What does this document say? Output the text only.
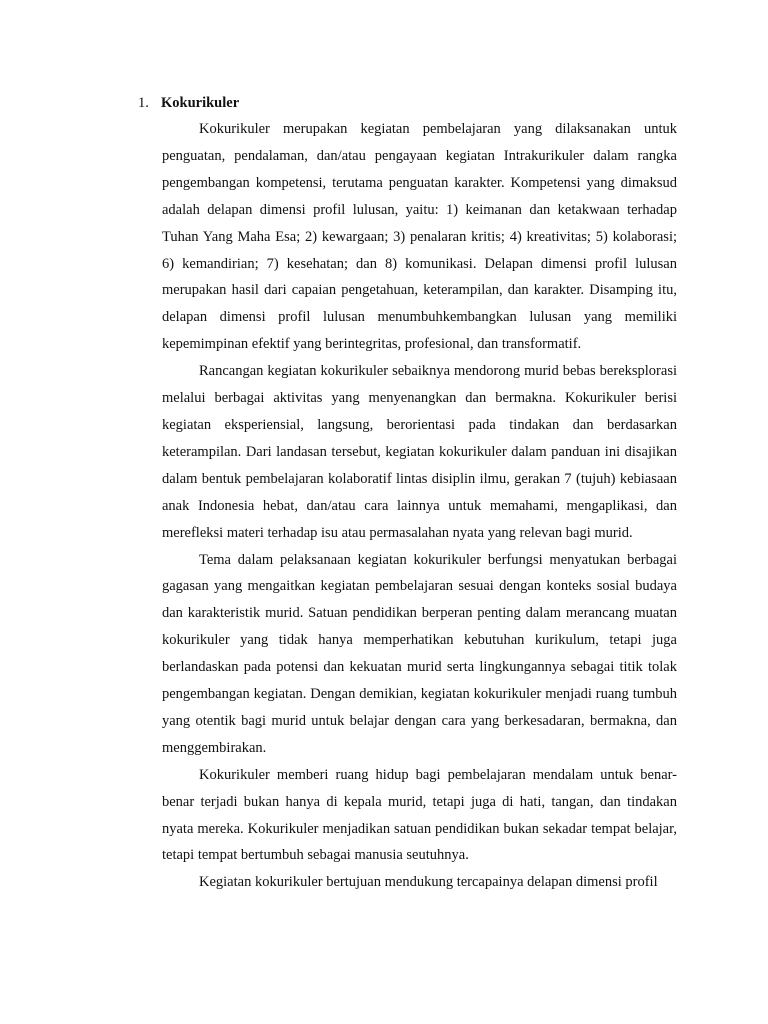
1. Kokurikuler

Kokurikuler merupakan kegiatan pembelajaran yang dilaksanakan untuk penguatan, pendalaman, dan/atau pengayaan kegiatan Intrakurikuler dalam rangka pengembangan kompetensi, terutama penguatan karakter. Kompetensi yang dimaksud adalah delapan dimensi profil lulusan, yaitu: 1) keimanan dan ketakwaan terhadap Tuhan Yang Maha Esa; 2) kewargaan; 3) penalaran kritis; 4) kreativitas; 5) kolaborasi; 6) kemandirian; 7) kesehatan; dan 8) komunikasi. Delapan dimensi profil lulusan merupakan hasil dari capaian pengetahuan, keterampilan, dan karakter. Disamping itu, delapan dimensi profil lulusan menumbuhkembangkan lulusan yang memiliki kepemimpinan efektif yang berintegritas, profesional, dan transformatif.

Rancangan kegiatan kokurikuler sebaiknya mendorong murid bebas bereksplorasi melalui berbagai aktivitas yang menyenangkan dan bermakna. Kokurikuler berisi kegiatan eksperiensial, langsung, berorientasi pada tindakan dan berdasarkan keterampilan. Dari landasan tersebut, kegiatan kokurikuler dalam panduan ini disajikan dalam bentuk pembelajaran kolaboratif lintas disiplin ilmu, gerakan 7 (tujuh) kebiasaan anak Indonesia hebat, dan/atau cara lainnya untuk memahami, mengaplikasi, dan merefleksi materi terhadap isu atau permasalahan nyata yang relevan bagi murid.

Tema dalam pelaksanaan kegiatan kokurikuler berfungsi menyatukan berbagai gagasan yang mengaitkan kegiatan pembelajaran sesuai dengan konteks sosial budaya dan karakteristik murid. Satuan pendidikan berperan penting dalam merancang muatan kokurikuler yang tidak hanya memperhatikan kebutuhan kurikulum, tetapi juga berlandaskan pada potensi dan kekuatan murid serta lingkungannya sebagai titik tolak pengembangan kegiatan. Dengan demikian, kegiatan kokurikuler menjadi ruang tumbuh yang otentik bagi murid untuk belajar dengan cara yang berkesadaran, bermakna, dan menggembirakan.

Kokurikuler memberi ruang hidup bagi pembelajaran mendalam untuk benar-benar terjadi bukan hanya di kepala murid, tetapi juga di hati, tangan, dan tindakan nyata mereka. Kokurikuler menjadikan satuan pendidikan bukan sekadar tempat belajar, tetapi tempat bertumbuh sebagai manusia seutuhnya.

Kegiatan kokurikuler bertujuan mendukung tercapainya delapan dimensi profil
